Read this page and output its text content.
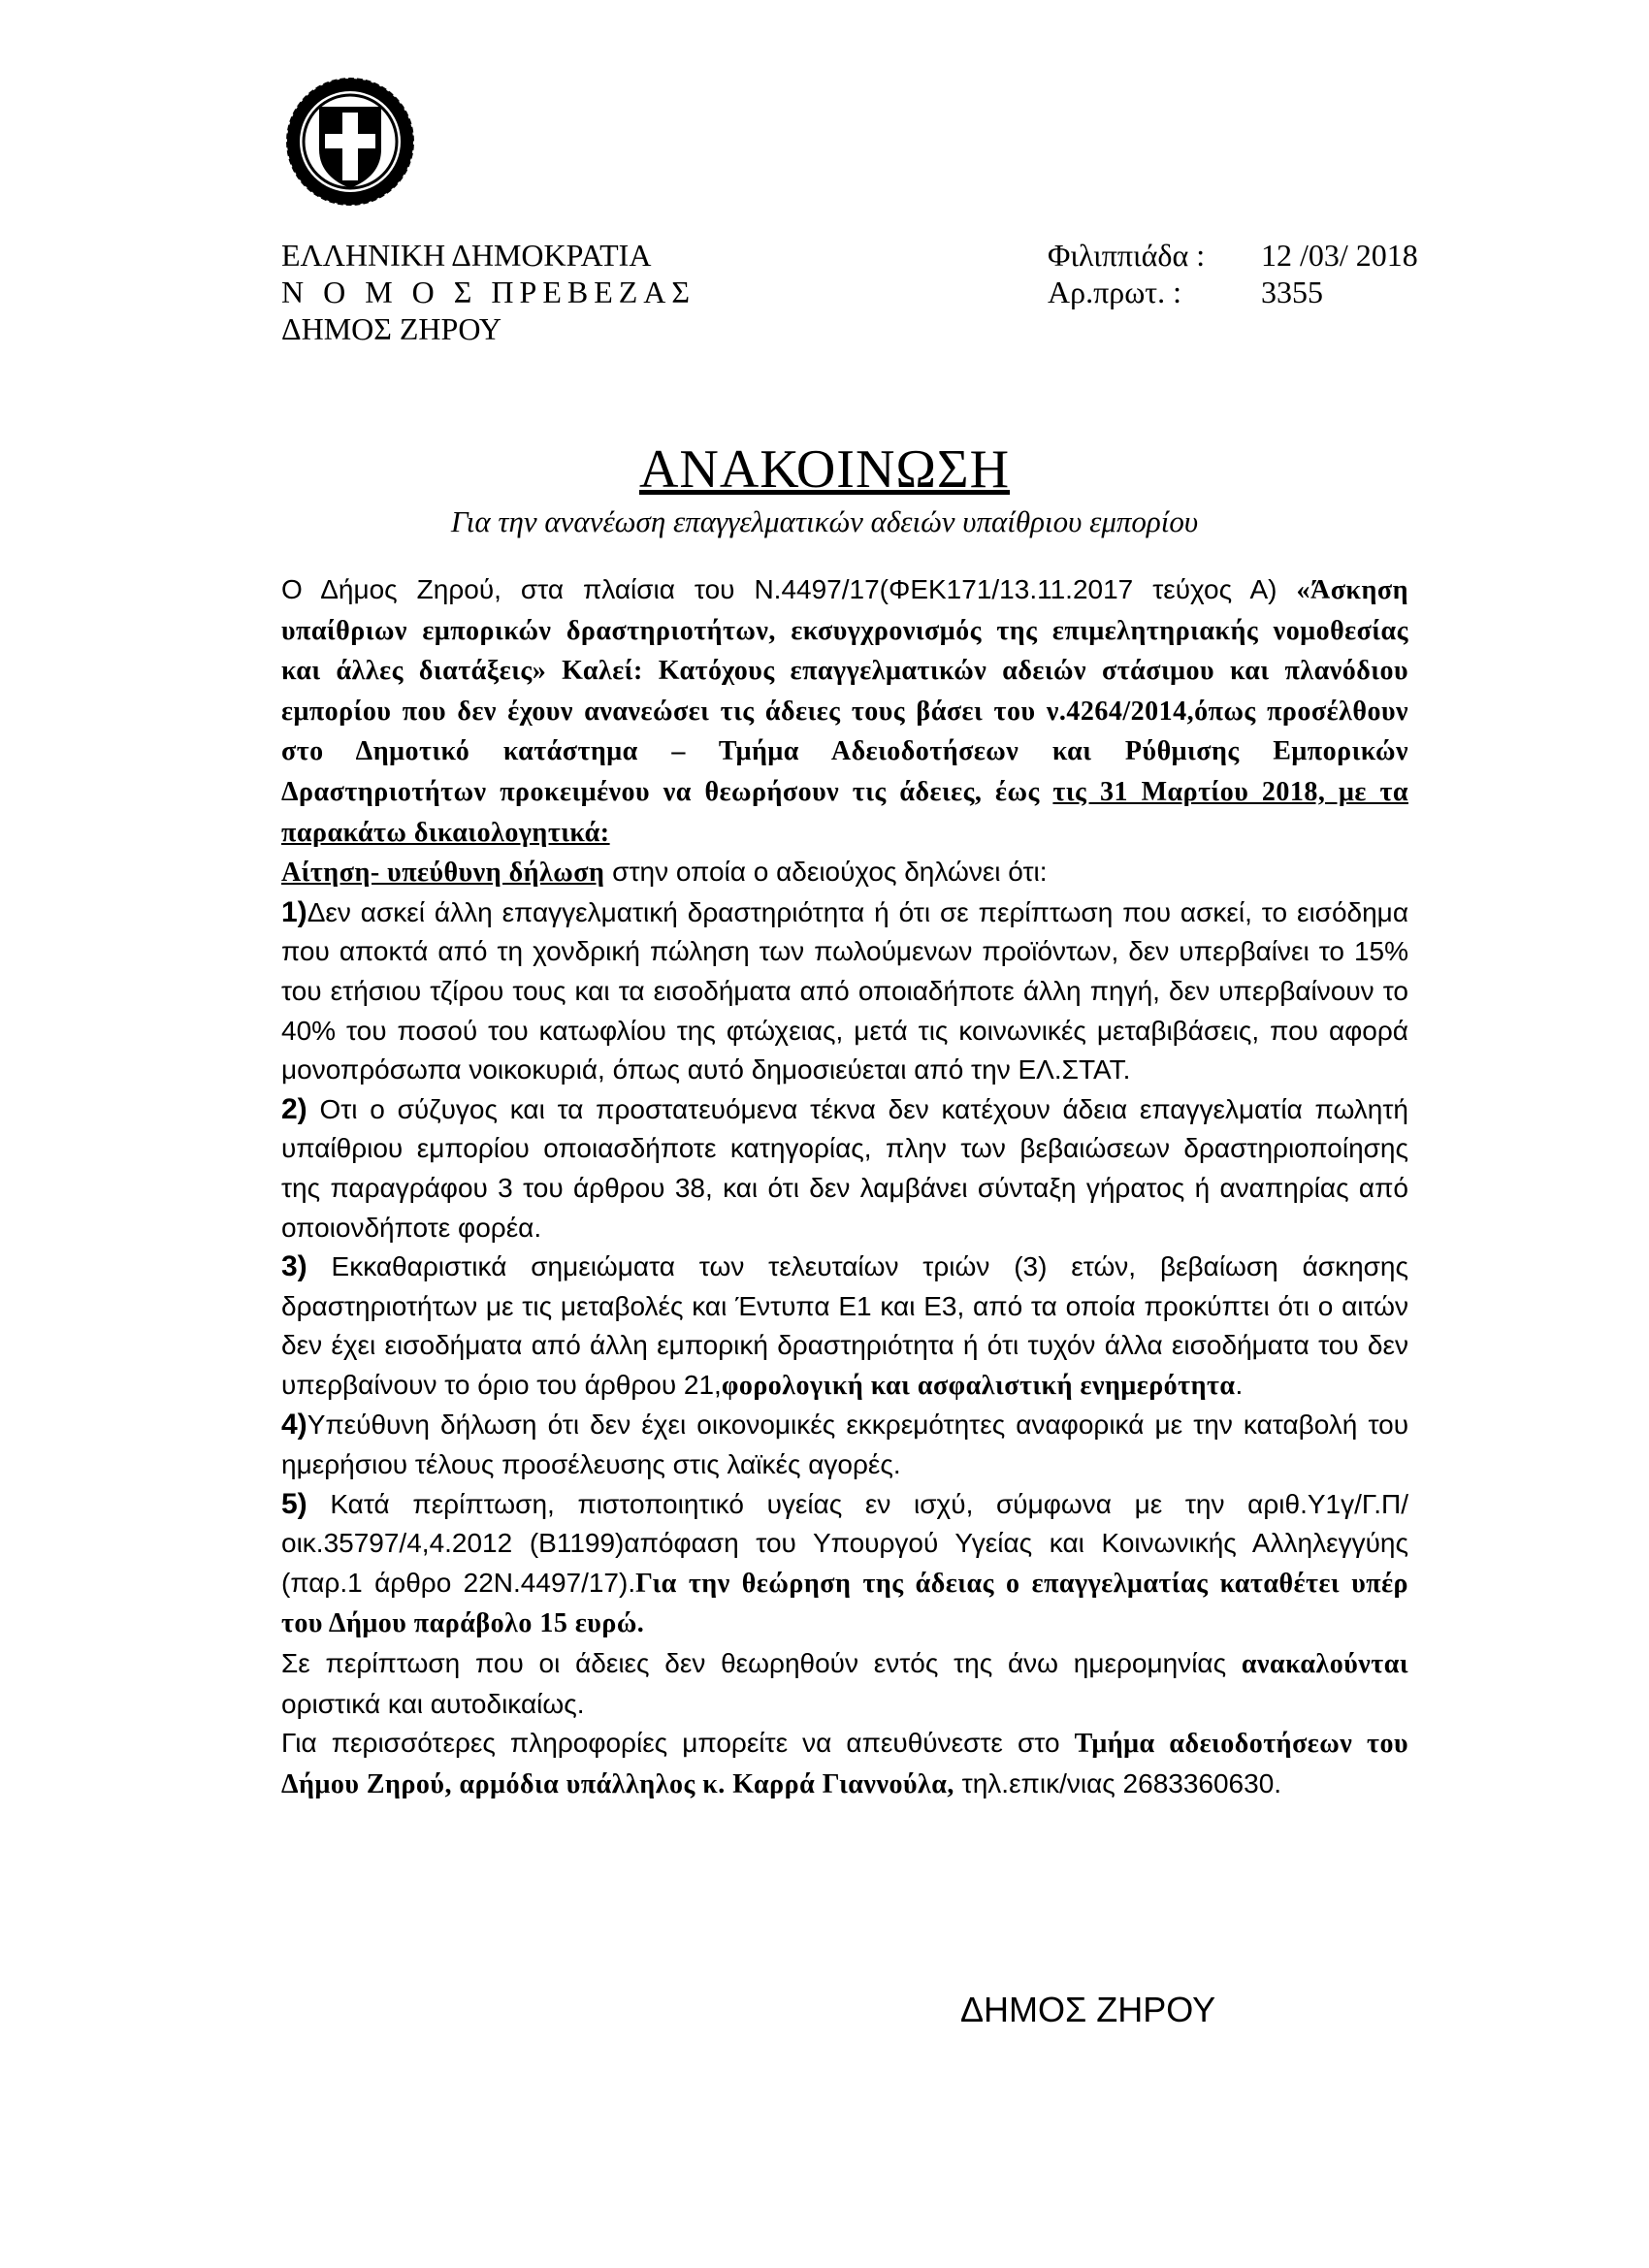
ΕΛΛΗΝΙΚΗ ΔΗΜΟΚΡΑΤΙΑ
Ν Ο Μ Ο Σ ΠΡΕΒΕΖΑΣ
ΔΗΜΟΣ ΖΗΡΟΥ
Φιλιππιάδα : 12 /03/ 2018
Αρ.πρωτ. :	3355
ΑΝΑΚΟΙΝΩΣΗ
Για την ανανέωση επαγγελματικών αδειών υπαίθριου εμπορίου

Ο Δήμος Ζηρού, στα πλαίσια του Ν.4497/17(ΦΕΚ171/13.11.2017 τεύχος Α) «Άσκηση υπαίθριων εμπορικών δραστηριοτήτων, εκσυγχρονισμός της επιμελητηριακής νομοθεσίας και άλλες διατάξεις» Καλεί: Κατόχους επαγγελματικών αδειών στάσιμου και πλανόδιου εμπορίου που δεν έχουν ανανεώσει τις άδειες τους βάσει του ν.4264/2014,όπως προσέλθουν στο Δημοτικό κατάστημα – Τμήμα Αδειοδοτήσεων και Ρύθμισης Εμπορικών Δραστηριοτήτων προκειμένου να θεωρήσουν τις άδειες, έως τις 31 Μαρτίου 2018, με τα παρακάτω δικαιολογητικά:

Αίτηση- υπεύθυνη δήλωση στην οποία ο αδειούχος δηλώνει ότι:

1)Δεν ασκεί άλλη επαγγελματική δραστηριότητα ή ότι σε περίπτωση που ασκεί, το εισόδημα που αποκτά από τη χονδρική πώληση των πωλούμενων προϊόντων, δεν υπερβαίνει το 15% του ετήσιου τζίρου τους και τα εισοδήματα από οποιαδήποτε άλλη πηγή, δεν υπερβαίνουν το 40% του ποσού του κατωφλίου της φτώχειας, μετά τις κοινωνικές μεταβιβάσεις, που αφορά μονοπρόσωπα νοικοκυριά, όπως αυτό δημοσιεύεται από την ΕΛ.ΣΤΑΤ.

2) Οτι ο σύζυγος και τα προστατευόμενα τέκνα δεν κατέχουν άδεια επαγγελματία πωλητή υπαίθριου εμπορίου οποιασδήποτε κατηγορίας, πλην των βεβαιώσεων δραστηριοποίησης της παραγράφου 3 του άρθρου 38, και ότι δεν λαμβάνει σύνταξη γήρατος ή αναπηρίας από οποιονδήποτε φορέα.

3) Εκκαθαριστικά σημειώματα των τελευταίων τριών (3) ετών, βεβαίωση άσκησης δραστηριοτήτων με τις μεταβολές και Έντυπα Ε1 και Ε3, από τα οποία προκύπτει ότι ο αιτών δεν έχει εισοδήματα από άλλη εμπορική δραστηριότητα ή ότι τυχόν άλλα εισοδήματα του δεν υπερβαίνουν το όριο του άρθρου 21,φορολογική και ασφαλιστική ενημερότητα.

4)Υπεύθυνη δήλωση ότι δεν έχει οικονομικές εκκρεμότητες αναφορικά με την καταβολή του ημερήσιου τέλους προσέλευσης στις λαϊκές αγορές.

5) Κατά περίπτωση, πιστοποιητικό υγείας εν ισχύ, σύμφωνα με την αριθ.Υ1γ/Γ.Π/ οικ.35797/4,4.2012 (Β1199)απόφαση του Υπουργού Υγείας και Κοινωνικής Αλληλεγγύης (παρ.1 άρθρο 22Ν.4497/17).Για την θεώρηση της άδειας ο επαγγελματίας καταθέτει υπέρ του Δήμου παράβολο 15 ευρώ.

Σε περίπτωση που οι άδειες δεν θεωρηθούν εντός της άνω ημερομηνίας ανακαλούνται οριστικά και αυτοδικαίως.

Για περισσότερες πληροφορίες μπορείτε να απευθύνεστε στο Τμήμα αδειοδοτήσεων του Δήμου Ζηρού, αρμόδια υπάλληλος κ. Καρρά Γιαννούλα, τηλ.επικ/νιας 2683360630.

ΔΗΜΟΣ ΖΗΡΟΥ
